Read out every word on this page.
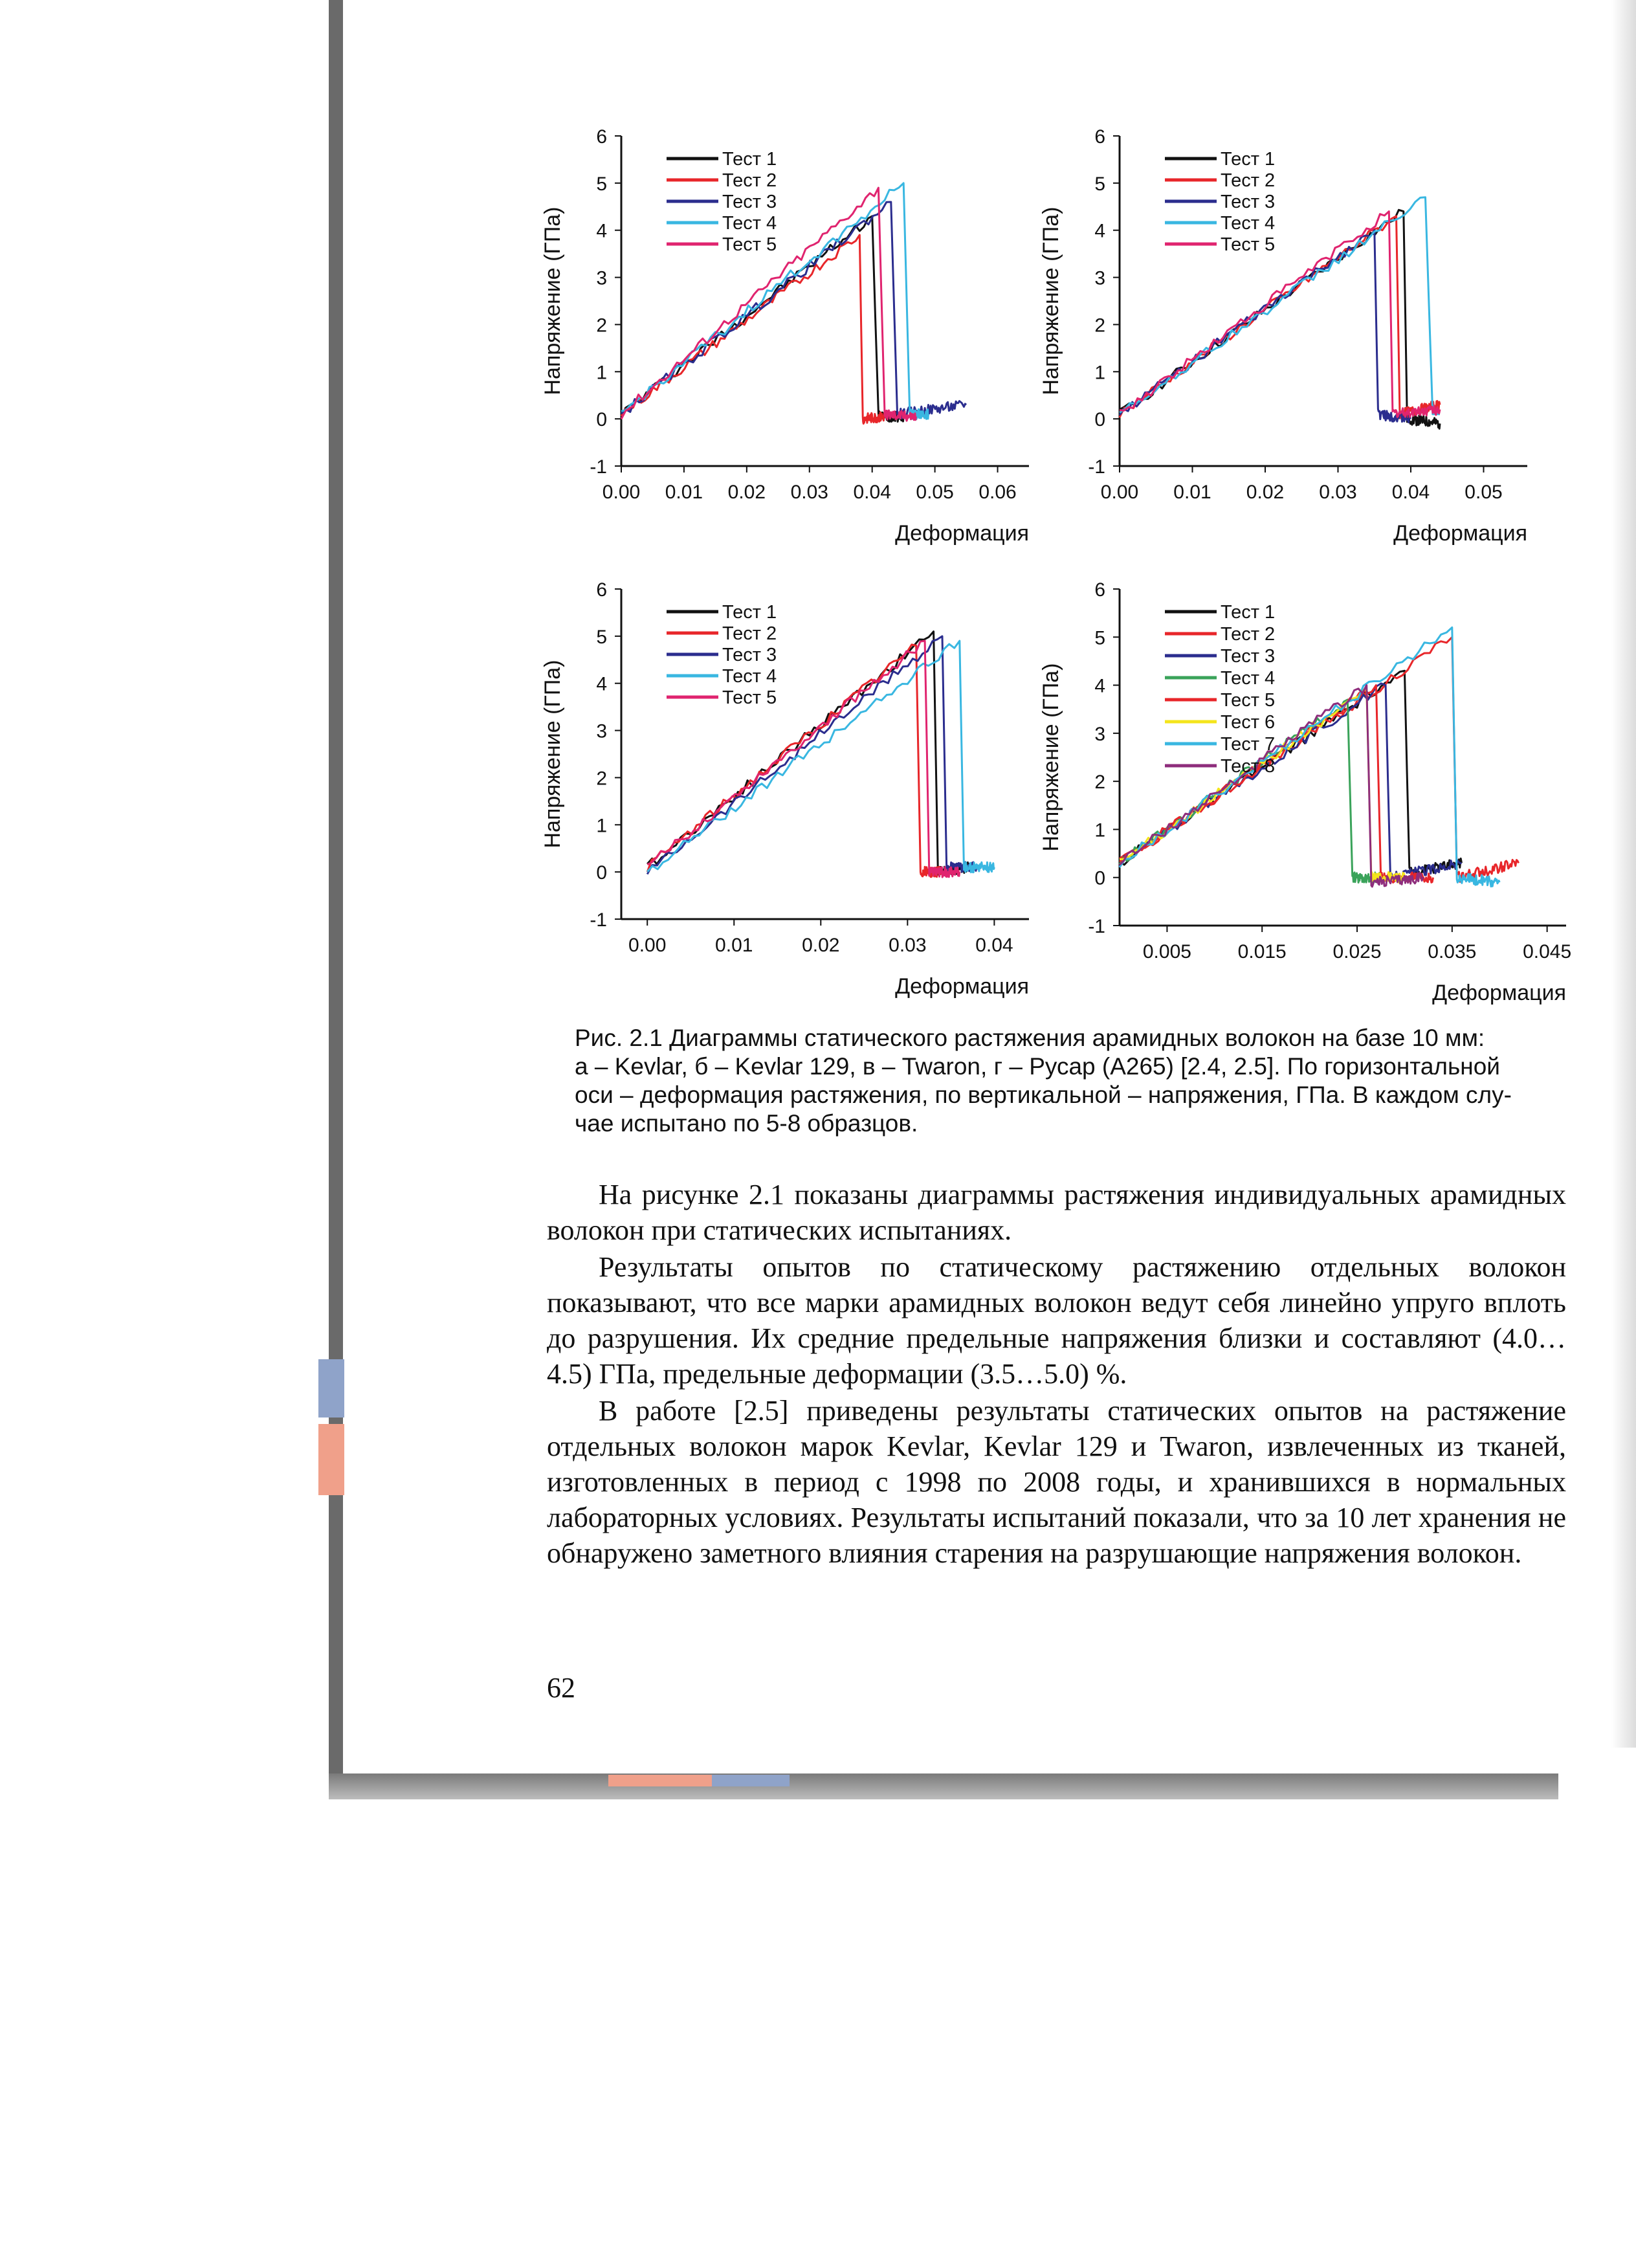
-1
0
1
2
3
4
5
6
0.00 0.01 0.02 0.03 0.04 0.05 0.06
Напряжение (ГПа)
Деформация
Тест 1
Тест 2
Тест 3
Тест 4
Тест 5
-1
0
1
2
3
4
5
6
0.00 0.01 0.02 0.03 0.04 0.05
Напряжение (ГПа)
Деформация
Тест 1
Тест 2
Тест 3
Тест 4
Тест 5
-1
0
1
2
3
4
5
6
0.00	0.01	0.02	0.03	0.04
Напряжение (ГПа)
Деформация
Тест 1
Тест 2
Тест 3
Тест 4
Тест 5
-1
0
1
2
3
4
5
6
0.005 0.015 0.025 0.035 0.045
Напряжение (ГПа)
Деформация
Тест 1
Тест 2
Тест 3
Тест 4
Тест 5
Тест 6
Тест 7
Тест 8
Рис. 2.1 Диаграммы статического растяжения арамидных волокон на базе 10 мм:
а – Kevlar, б – Kevlar 129, в – Twaron, г – Русар (А265) [2.4, 2.5]. По горизонтальной
оси – деформация растяжения, по вертикальной – напряжения, ГПа. В каждом слу-
чае испытано по 5-8 образцов.

На рисунке 2.1 показаны диаграммы растяжения индивидуальных арамидных волокон при статических испытаниях.

Результаты опытов по статическому растяжению отдельных волокон показывают, что все марки арамидных волокон ведут себя линейно упруго вплоть до разрушения. Их средние предельные напряжения близки и составляют (4.0…4.5) ГПа, предельные деформации (3.5…5.0) %.

В работе [2.5] приведены результаты статических опытов на растяжение отдельных волокон марок Kevlar, Kevlar 129 и Twaron, извлеченных из тканей, изготовленных в период с 1998 по 2008 годы, и хранившихся в нормальных лабораторных условиях. Результаты испытаний показали, что за 10 лет хранения не обнаружено заметного влияния старения на разрушающие напряжения волокон.

62
